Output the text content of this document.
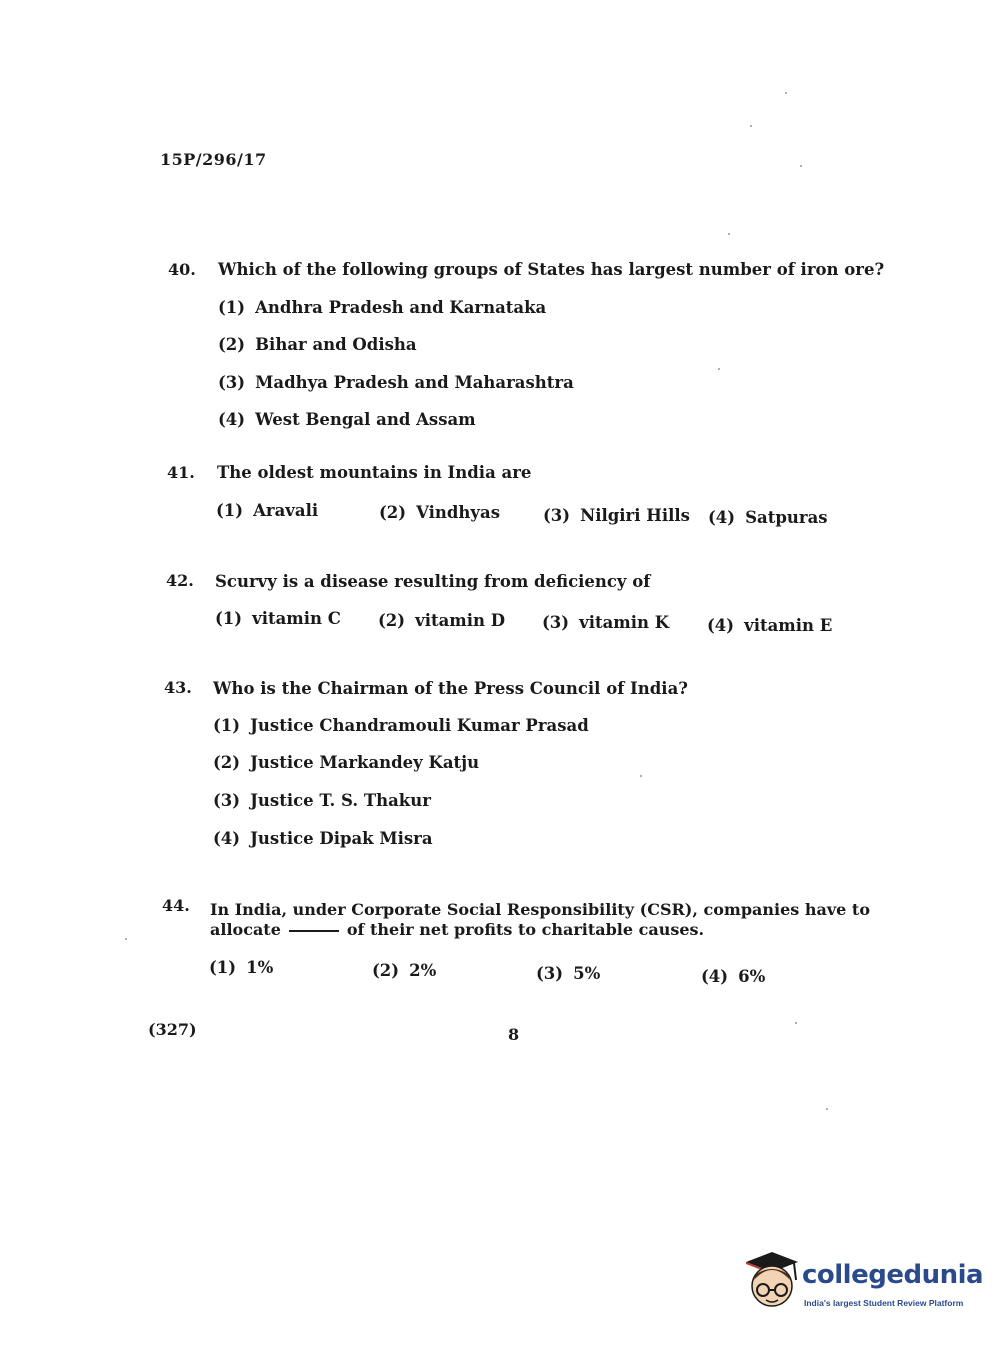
15P/296/17
40. Which of the following groups of States has largest number of iron ore?
(1) Andhra Pradesh and Karnataka
(2) Bihar and Odisha
(3) Madhya Pradesh and Maharashtra
(4) West Bengal and Assam
41. The oldest mountains in India are
(1) Aravali	(2) Vindhyas	(3) Nilgiri Hills (4) Satpuras
42. Scurvy is a disease resulting from deficiency of
(1) vitamin C (2) vitamin D (3) vitamin K (4) vitamin E
43. Who is the Chairman of the Press Council of India?
(1) Justice Chandramouli Kumar Prasad
(2) Justice Markandey Katju
(3) Justice T. S. Thakur
(4) Justice Dipak Misra
44. In India, under Corporate Social Responsibility (CSR), companies have to
allocate	of their net profits to charitable causes.
(1) 1%	(2) 2%	(3) 5%	(4) 6%
(327)	8
collegedunia
India's largest Student Review Platform
